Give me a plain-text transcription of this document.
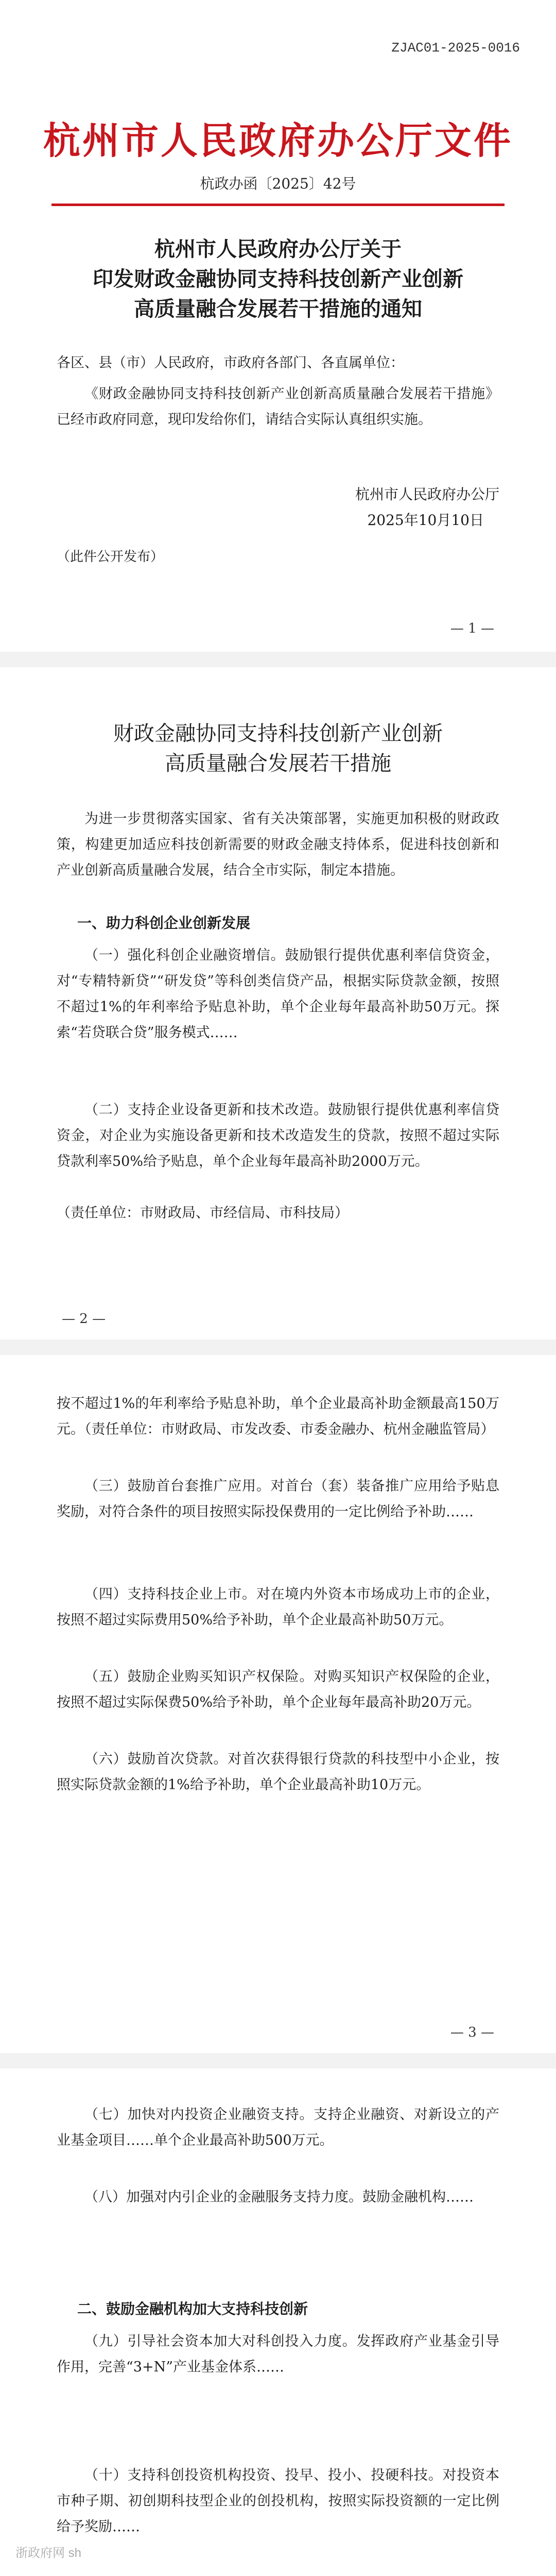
ZJAC01-2025-0016
杭州市人民政府办公厅文件
杭政办函〔2025〕42号
杭州市人民政府办公厅关于
印发财政金融协同支持科技创新产业创新
高质量融合发展若干措施的通知
各区、县（市）人民政府，市政府各部门、各直属单位：
《财政金融协同支持科技创新产业创新高质量融合发展若干措施》已经市政府同意，现印发给你们，请结合实际认真组织实施。
杭州市人民政府办公厅
2025年10月10日
（此件公开发布）
— 1 —
财政金融协同支持科技创新产业创新
高质量融合发展若干措施
为进一步贯彻落实国家、省有关决策部署，实施更加积极的财政政策，构建更加适应科技创新需要的财政金融支持体系，促进科技创新和产业创新高质量融合发展，结合全市实际，制定本措施。
一、助力科创企业创新发展
（一）强化科创企业融资增信。鼓励银行提供优惠利率信贷资金，对“专精特新贷”“研发贷”等科创类信贷产品，根据实际贷款金额，按照不超过1%的年利率给予贴息补助，单个企业每年最高补助50万元。探索“若贷联合贷”服务模式……
（二）支持企业设备更新和技术改造。鼓励银行提供优惠利率信贷资金，对企业为实施设备更新和技术改造发生的贷款，按照不超过实际贷款利率50%给予贴息，单个企业每年最高补助2000万元。
（责任单位：市财政局、市经信局、市科技局）
— 2 —
按不超过1%的年利率给予贴息补助，单个企业最高补助金额最高150万元。（责任单位：市财政局、市发改委、市委金融办、杭州金融监管局）
（三）鼓励首台套推广应用。对首台（套）装备推广应用给予贴息奖励，对符合条件的项目按照实际投保费用的一定比例给予补助……
（四）支持科技企业上市。对在境内外资本市场成功上市的企业，按照不超过实际费用50%给予补助，单个企业最高补助50万元。
（五）鼓励企业购买知识产权保险。对购买知识产权保险的企业，按照不超过实际保费50%给予补助，单个企业每年最高补助20万元。
（六）鼓励首次贷款。对首次获得银行贷款的科技型中小企业，按照实际贷款金额的1%给予补助，单个企业最高补助10万元。
— 3 —
（七）加快对内投资企业融资支持。支持企业融资、对新设立的产业基金项目……单个企业最高补助500万元。
（八）加强对内引企业的金融服务支持力度。鼓励金融机构……
二、鼓励金融机构加大支持科技创新
（九）引导社会资本加大对科创投入力度。发挥政府产业基金引导作用，完善“3+N”产业基金体系……
（十）支持科创投资机构投资、投早、投小、投硬科技。对投资本市种子期、初创期科技型企业的创投机构，按照实际投资额的一定比例给予奖励……
浙政府网 sh
